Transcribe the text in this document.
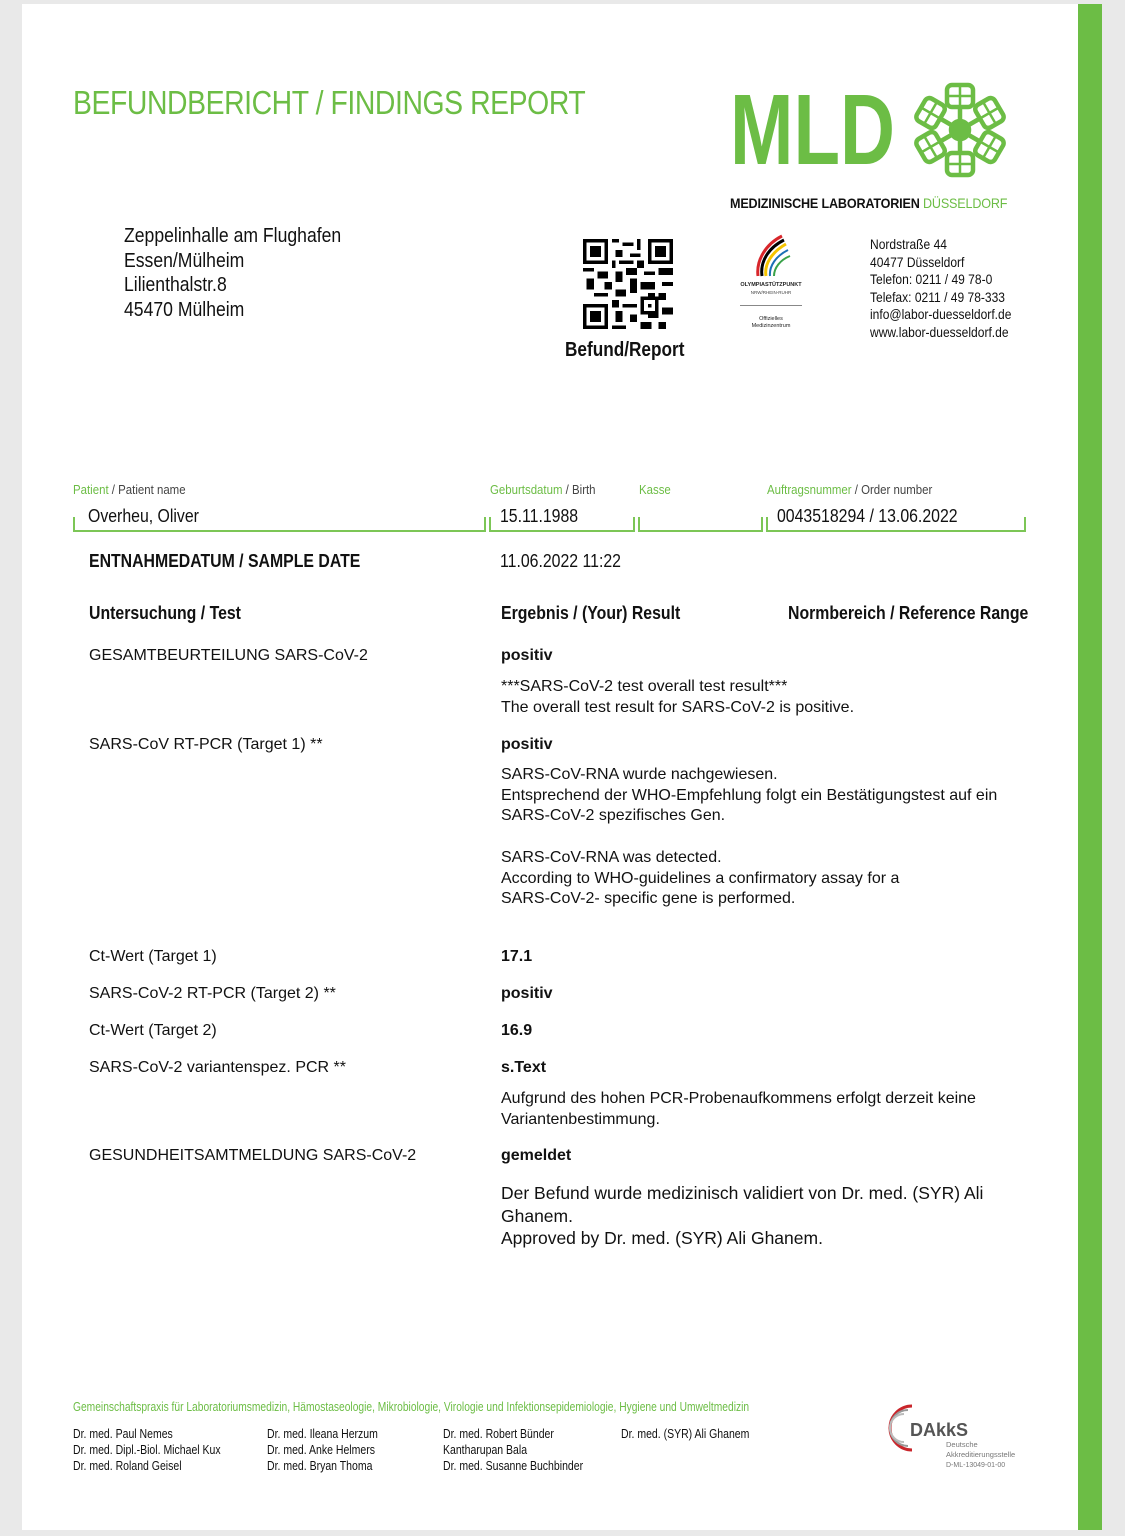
BEFUNDBERICHT / FINDINGS REPORT MLD
MEDIZINISCHE LABORATORIEN DÜSSELDORF
Zeppelinhalle am Flughafen
Essen/Mülheim
Lilienthalstr.8
45470 Mülheim
Befund/Report
OLYMPIASTÜTZPUNKT
NRW/RHEIN-RUHR
Offizielles
Medizinzentrum
Nordstraße 44
40477 Düsseldorf
Telefon: 0211 / 49 78-0
Telefax: 0211 / 49 78-333
info@labor-duesseldorf.de
www.labor-duesseldorf.de
Patient / Patient name
Overheu, Oliver
Geburtsdatum / Birth
15.11.1988
Kasse	Auftragsnummer / Order number
0043518294 / 13.06.2022
ENTNAHMEDATUM / SAMPLE DATE	11.06.2022 11:22
Untersuchung / Test	Ergebnis / (Your) Result	Normbereich / Reference Range
GESAMTBEURTEILUNG SARS-CoV-2	positiv

***SARS-CoV-2 test overall test result***

The overall test result for SARS-CoV-2 is positive.

SARS-CoV RT-PCR (Target 1) **	positiv

SARS-CoV-RNA wurde nachgewiesen.

Entsprechend der WHO-Empfehlung folgt ein Bestätigungstest auf ein

SARS-CoV-2 spezifisches Gen.

SARS-CoV-RNA was detected.

According to WHO-guidelines a confirmatory assay for a

SARS-CoV-2- specific gene is performed.

Ct-Wert (Target 1)	17.1
SARS-CoV-2 RT-PCR (Target 2) **	positiv
Ct-Wert (Target 2)	16.9
SARS-CoV-2 variantenspez. PCR **	s.Text

Aufgrund des hohen PCR-Probenaufkommens erfolgt derzeit keine

Variantenbestimmung.

GESUNDHEITSAMTMELDUNG SARS-CoV-2	gemeldet

Der Befund wurde medizinisch validiert von Dr. med. (SYR) Ali

Ghanem.

Approved by Dr. med. (SYR) Ali Ghanem.

Gemeinschaftspraxis für Laboratoriumsmedizin, Hämostaseologie, Mikrobiologie, Virologie und Infektionsepidemiologie, Hygiene und Umweltmedizin
Dr. med. Paul Nemes
Dr. med. Dipl.-Biol. Michael Kux
Dr. med. Roland Geisel
Dr. med. Ileana Herzum
Dr. med. Anke Helmers
Dr. med. Bryan Thoma
Dr. med. Robert Bünder
Kantharupan Bala
Dr. med. Susanne Buchbinder
Dr. med. (SYR) Ali Ghanem	DAkkS
Deutsche
Akkreditierungsstelle
D-ML-13049-01-00
